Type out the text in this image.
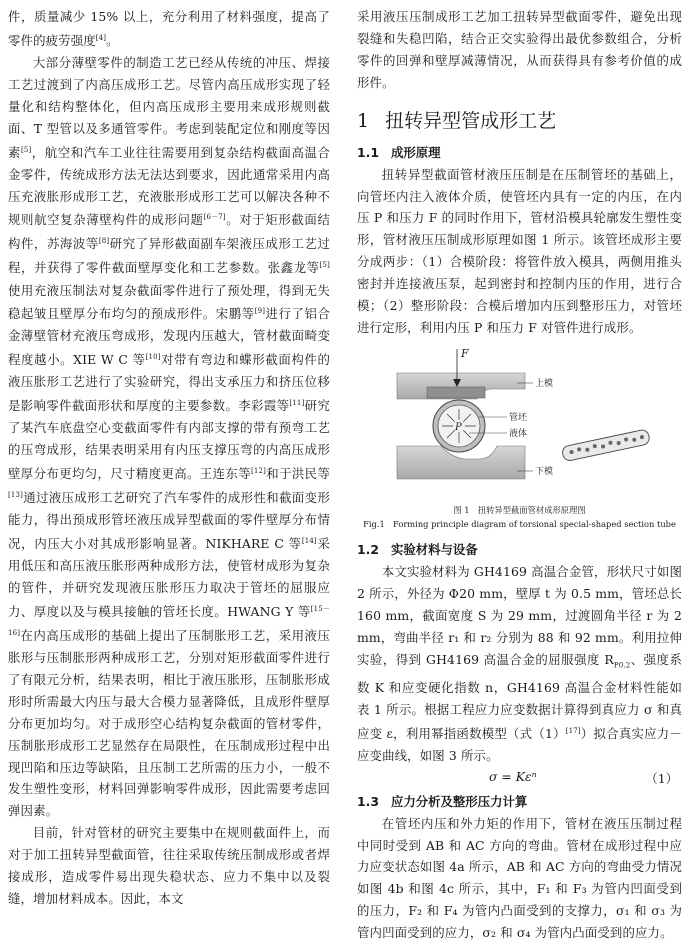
件，质量减少 15% 以上，充分利用了材料强度，提高了零件的疲劳强度[4]。

大部分薄壁零件的制造工艺已经从传统的冲压、焊接工艺过渡到了内高压成形工艺。尽管内高压成形实现了轻量化和结构整体化，但内高压成形主要用来成形规则截面、T 型管以及多通管零件。考虑到装配定位和刚度等因素[5]，航空和汽车工业往往需要用到复杂结构截面高温合金零件，传统成形方法无法达到要求，因此通常采用内高压充液胀形成形工艺，充液胀形成形工艺可以解决各种不规则航空复杂薄壁构件的成形问题[6－7]。对于矩形截面结构件，苏海波等[8]研究了异形截面副车架液压成形工艺过程，并获得了零件截面壁厚变化和工艺参数。张鑫龙等[5]使用充液压制法对复杂截面零件进行了预处理，得到无失稳起皱且壁厚分布均匀的预成形件。宋鹏等[9]进行了铝合金薄壁管材充液压弯成形，发现内压越大，管材截面畸变程度越小。XIE W C 等[10]对带有弯边和蝶形截面构件的液压胀形工艺进行了实验研究，得出支承压力和挤压位移是影响零件截面形状和厚度的主要参数。李彩霞等[11]研究了某汽车底盘空心变截面零件有内部支撑的带有预弯工艺的压弯成形，结果表明采用有内压支撑压弯的内高压成形壁厚分布更均匀，尺寸精度更高。王连东等[12]和于洪民等[13]通过液压成形工艺研究了汽车零件的成形性和截面变形能力，得出预成形管坯液压成异型截面的零件壁厚分布情况，内压大小对其成形影响显著。NIKHARE C 等[14]采用低压和高压液压胀形两种成形方法，使管材成形为复杂的管件，并研究发现液压胀形压力取决于管坯的屈服应力、厚度以及与模具接触的管坯长度。HWANG Y 等[15－16]在内高压成形的基础上提出了压制胀形工艺，采用液压胀形与压制胀形两种成形工艺，分别对矩形截面零件进行了有限元分析，结果表明，相比于液压胀形，压制胀形成形时所需最大内压与最大合模力显著降低，且成形件壁厚分布更加均匀。对于成形空心结构复杂截面的管材零件，压制胀形成形工艺显然存在局限性，在压制成形过程中出现凹陷和压边等缺陷，且压制工艺所需的压力小，一般不发生塑性变形，材料回弹影响零件成形，因此需要考虑回弹因素。

目前，针对管材的研究主要集中在规则截面件上，而对于加工扭转异型截面管，往往采取传统压制成形或者焊接成形，造成零件易出现失稳状态、应力不集中以及裂缝，增加材料成本。因此，本文

采用液压压制成形工艺加工扭转异型截面零件，避免出现裂缝和失稳凹陷，结合正交实验得出最优参数组合，分析零件的回弹和壁厚减薄情况，从而获得具有参考价值的成形件。

1 扭转异型管成形工艺

1.1 成形原理

扭转异型截面管材液压压制是在压制管坯的基础上，向管坯内注入液体介质，使管坯内具有一定的内压，在内压 P 和压力 F 的同时作用下，管材沿模具轮廓发生塑性变形，管材液压压制成形原理如图 1 所示。该管坯成形主要分成两步：（1）合模阶段：将管件放入模具，两侧用推头密封并连接液压泵，起到密封和控制内压的作用，进行合模；（2）整形阶段：合模后增加内压到整形压力，对管坯进行定形，利用内压 P 和压力 F 对管件进行成形。

F
P
上模
管坯
液体
下模

图 1　扭转异型截面管材成形原理图

Fig.1　Forming principle diagram of torsional special-shaped section tube

1.2 实验材料与设备

本文实验材料为 GH4169 高温合金管，形状尺寸如图 2 所示，外径为 Φ20 mm，壁厚 t 为 0.5 mm，管坯总长 160 mm，截面宽度 S 为 29 mm，过渡圆角半径 r 为 2 mm，弯曲半径 r₁ 和 r₂ 分别为 88 和 92 mm。利用拉伸实验，得到 GH4169 高温合金的屈服强度 $R_{P0.2}$、强度系数 K 和应变硬化指数 n，GH4169 高温合金材料性能如表 1 所示。根据工程应力应变数据计算得到真应力 σ 和真应变 ε，利用幂指函数模型（式（1）[17]）拟合真实应力－应变曲线，如图 3 所示。

σ = Kεⁿ	（1）

1.3 应力分析及整形压力计算

在管坯内压和外力矩的作用下，管材在液压压制过程中同时受到 AB 和 AC 方向的弯曲。管材在成形过程中应力应变状态如图 4a 所示，AB 和 AC 方向的弯曲受力情况如图 4b 和图 4c 所示，其中，F₁ 和 F₃ 为管内凹面受到的压力，F₂ 和 F₄ 为管内凸面受到的支撑力，σ₁ 和 σ₃ 为管内凹面受到的应力，σ₂ 和 σ₄ 为管内凸面受到的应力。
